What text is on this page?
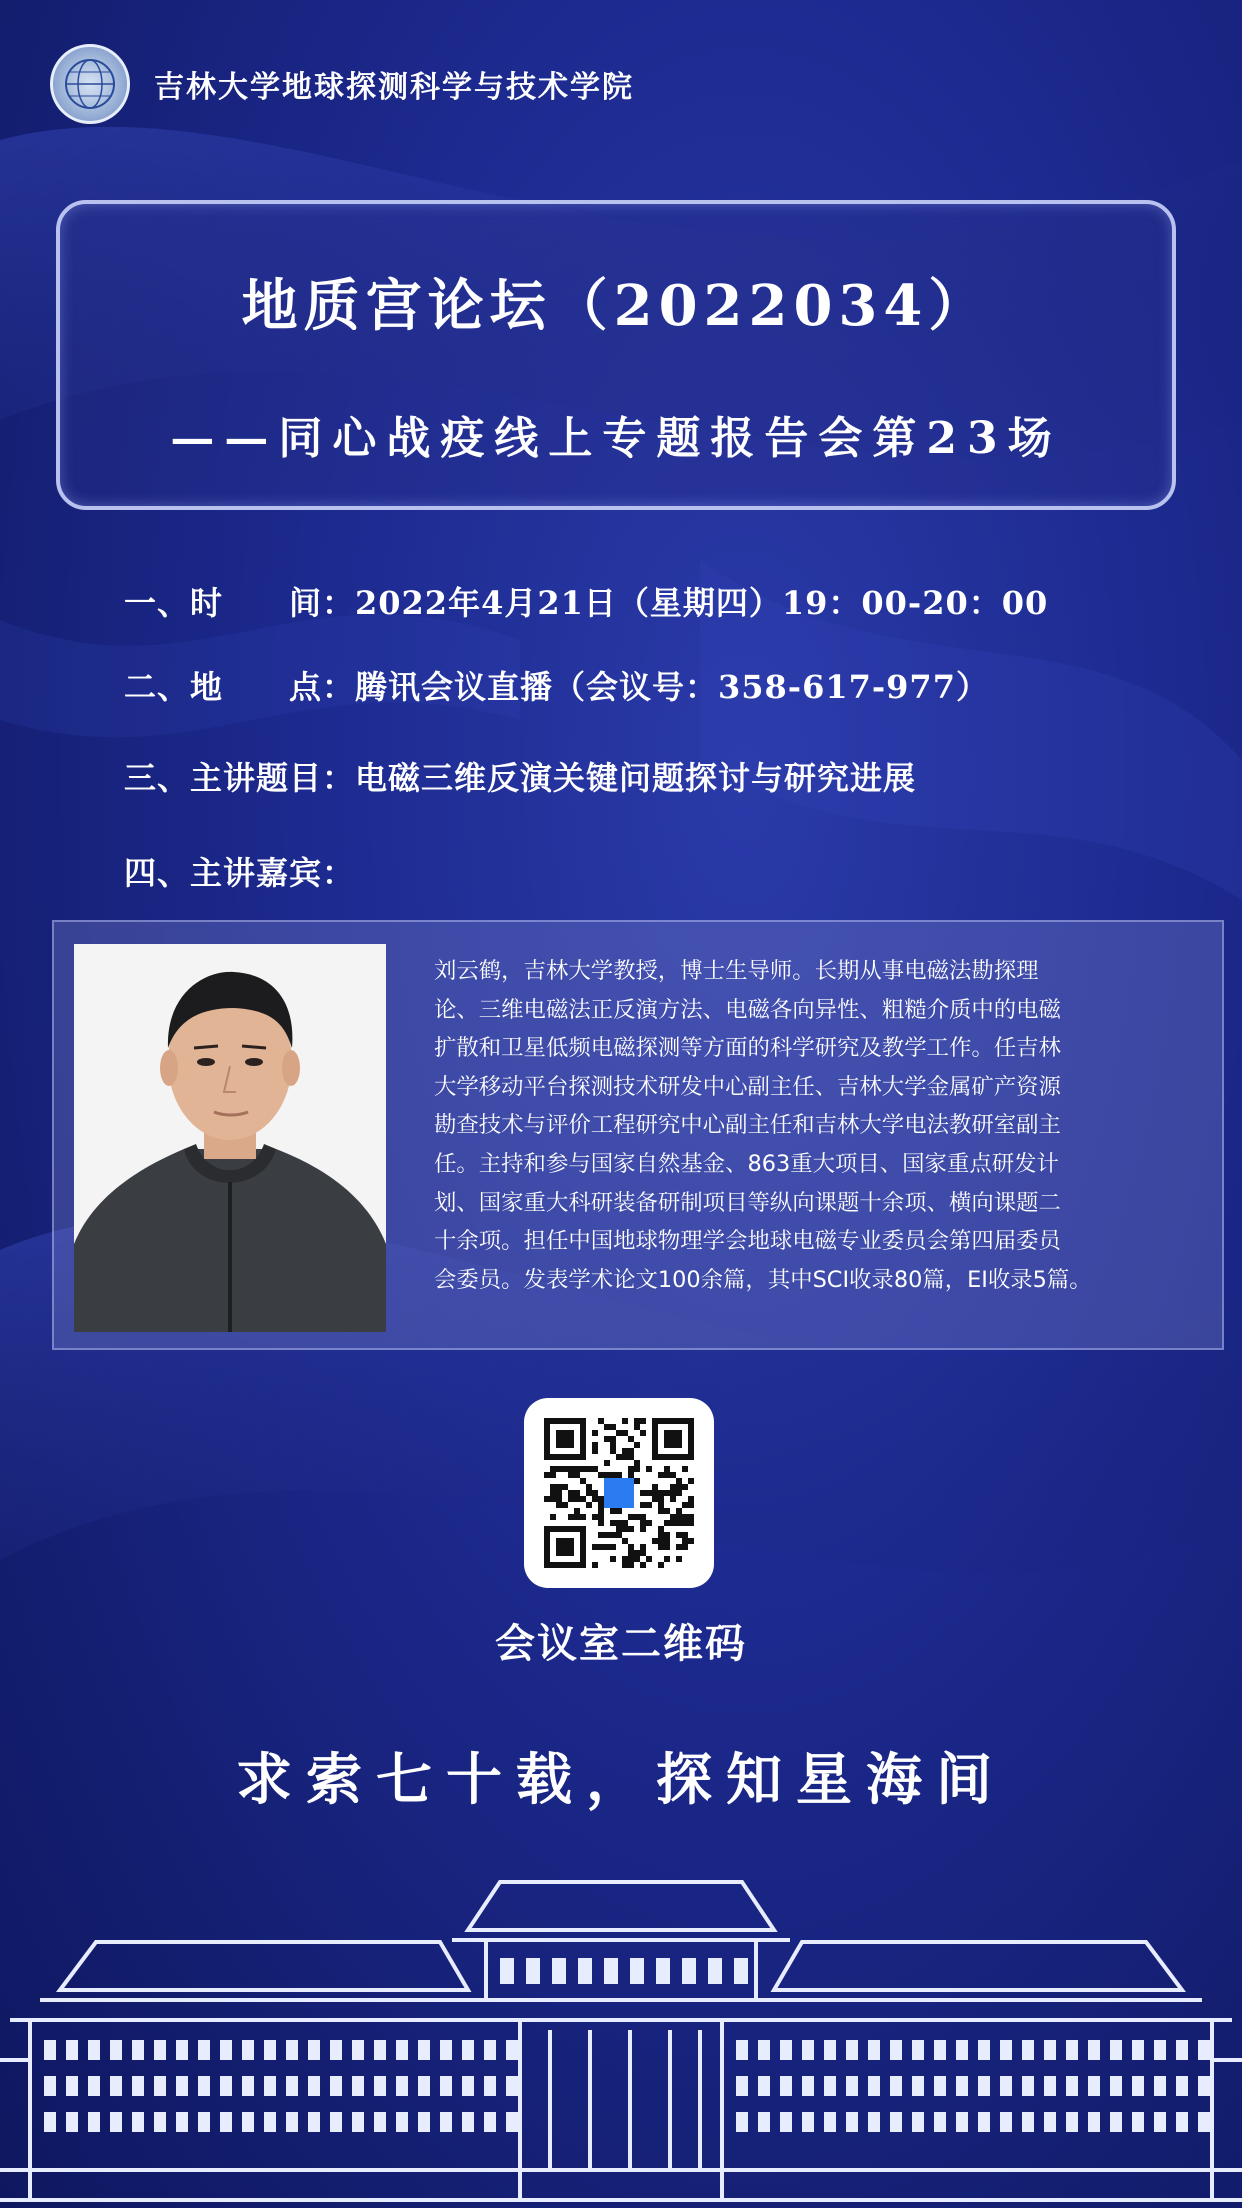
吉林大学地球探测科学与技术学院
地质宫论坛（2022034）
——同心战疫线上专题报告会第23场
一、时　　间：2022年4月21日（星期四）19：00-20：00
二、地　　点：腾讯会议直播（会议号：358-617-977）
三、主讲题目：电磁三维反演关键问题探讨与研究进展
四、主讲嘉宾：
刘云鹤，吉林大学教授，博士生导师。长期从事电磁法勘探理
论、三维电磁法正反演方法、电磁各向异性、粗糙介质中的电磁
扩散和卫星低频电磁探测等方面的科学研究及教学工作。任吉林
大学移动平台探测技术研发中心副主任、吉林大学金属矿产资源
勘查技术与评价工程研究中心副主任和吉林大学电法教研室副主
任。主持和参与国家自然基金、863重大项目、国家重点研发计
划、国家重大科研装备研制项目等纵向课题十余项、横向课题二
十余项。担任中国地球物理学会地球电磁专业委员会第四届委员
会委员。发表学术论文100余篇，其中SCI收录80篇，EI收录5篇。
会议室二维码
求索七十载，探知星海间
